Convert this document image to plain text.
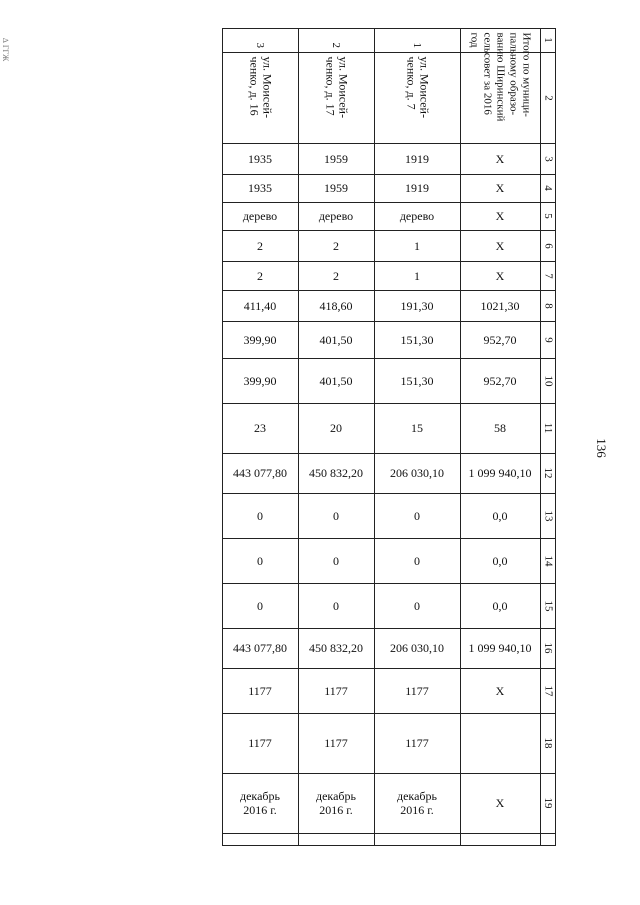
136
∆ ГГЖ	1
2
Итого по муници-
пальному образо-
ванию Ширинский
сельсовет за 2016
год
1
ул. Моисей-
ченко, д. 7
2
ул. Моисей-
ченко, д. 17
3
ул. Моисей-
ченко, д. 16
3
Х
1919
1959
1935
4
Х
1919
1959
1935
5
Х
дерево
дерево
дерево
6
Х
1
2
2
7
Х
1
2
2
8
1021,30
191,30
418,60
411,40
9
952,70
151,30
401,50
399,90
10
952,70
151,30
401,50
399,90
11
58
15
20
23
12
1 099 940,10
206 030,10
450 832,20
443 077,80
13
0,0
0
0
0
14
0,0
0
0
0
15
0,0
0
0
0
16
1 099 940,10
206 030,10
450 832,20
443 077,80
17
Х
1177
1177
1177
18
1177
1177
1177
19
Х
декабрь
2016 г.
декабрь
2016 г.
декабрь
2016 г.
